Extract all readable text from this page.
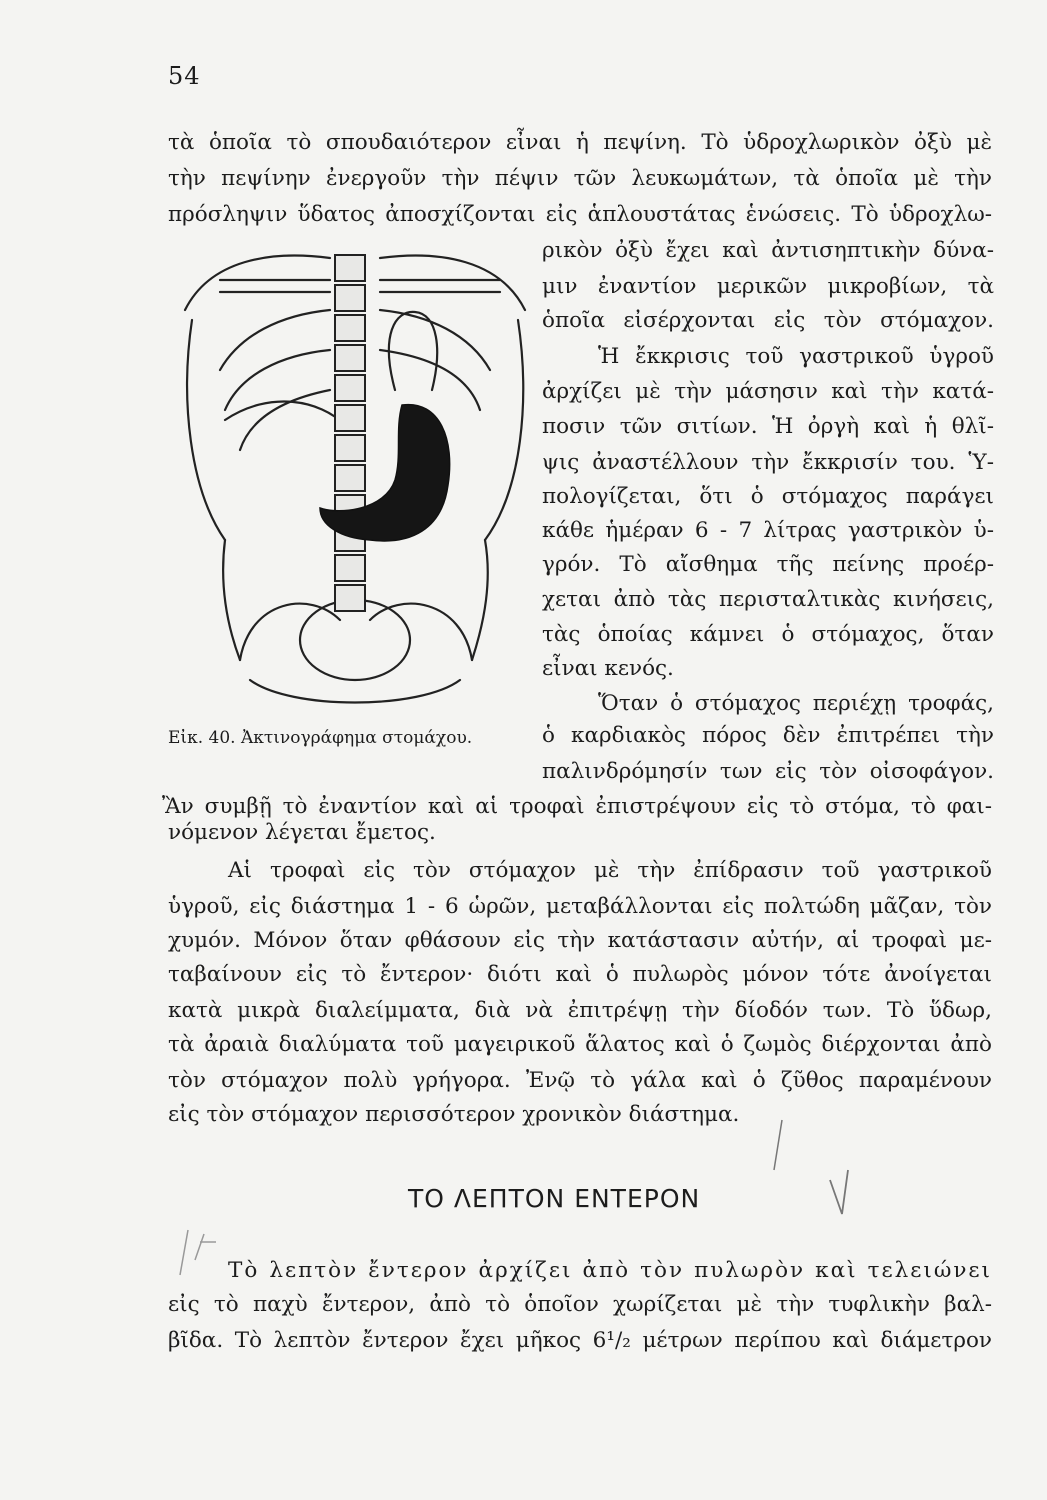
54
τὰ ὁποῖα τὸ σπουδαιότερον εἶναι ἡ πεψίνη. Τὸ ὑδροχλωρικὸν ὀξὺ μὲ
τὴν πεψίνην ἐνεργοῦν τὴν πέψιν τῶν λευκωμάτων, τὰ ὁποῖα μὲ τὴν
πρόσληψιν ὕδατος ἀποσχίζονται εἰς ἁπλουστάτας ἑνώσεις. Τὸ ὑδροχλω-
ρικὸν ὀξὺ ἔχει καὶ ἀντισηπτικὴν δύνα-
μιν ἐναντίον μερικῶν μικροβίων, τὰ
ὁποῖα εἰσέρχονται εἰς τὸν στόμαχον.
Ἡ ἔκκρισις τοῦ γαστρικοῦ ὑγροῦ
ἀρχίζει μὲ τὴν μάσησιν καὶ τὴν κατά-
ποσιν τῶν σιτίων. Ἡ ὀργὴ καὶ ἡ θλῖ-
ψις ἀναστέλλουν τὴν ἔκκρισίν του. Ὑ-
πολογίζεται, ὅτι ὁ στόμαχος παράγει
κάθε ἡμέραν 6 - 7 λίτρας γαστρικὸν ὑ-
γρόν. Τὸ αἴσθημα τῆς πείνης προέρ-
χεται ἀπὸ τὰς περισταλτικὰς κινήσεις,
τὰς ὁποίας κάμνει ὁ στόμαχος, ὅταν
εἶναι κενός.
Ὅταν ὁ στόμαχος περιέχῃ τροφάς,
ὁ καρδιακὸς πόρος δὲν ἐπιτρέπει τὴν
παλινδρόμησίν των εἰς τὸν οἰσοφάγον.
Εἰκ. 40. Ἀκτινογράφημα στομάχου.
Ἂν συμβῇ τὸ ἐναντίον καὶ αἱ τροφαὶ ἐπιστρέψουν εἰς τὸ στόμα, τὸ φαι-
νόμενον λέγεται ἔμετος.
Αἱ τροφαὶ εἰς τὸν στόμαχον μὲ τὴν ἐπίδρασιν τοῦ γαστρικοῦ
ὑγροῦ, εἰς διάστημα 1 - 6 ὡρῶν, μεταβάλλονται εἰς πολτώδη μᾶζαν, τὸν
χυμόν. Μόνον ὅταν φθάσουν εἰς τὴν κατάστασιν αὐτήν, αἱ τροφαὶ με-
ταβαίνουν εἰς τὸ ἔντερον· διότι καὶ ὁ πυλωρὸς μόνον τότε ἀνοίγεται
κατὰ μικρὰ διαλείμματα, διὰ νὰ ἐπιτρέψῃ τὴν δίοδόν των. Τὸ ὕδωρ,
τὰ ἀραιὰ διαλύματα τοῦ μαγειρικοῦ ἅλατος καὶ ὁ ζωμὸς διέρχονται ἀπὸ
τὸν στόμαχον πολὺ γρήγορα. Ἐνῷ τὸ γάλα καὶ ὁ ζῦθος παραμένουν
εἰς τὸν στόμαχον περισσότερον χρονικὸν διάστημα.
ΤΟ ΛΕΠΤΟΝ ΕΝΤΕΡΟΝ
Τὸ λεπτὸν ἔντερον ἀρχίζει ἀπὸ τὸν πυλωρὸν καὶ τελειώνει
εἰς τὸ παχὺ ἔντερον, ἀπὸ τὸ ὁποῖον χωρίζεται μὲ τὴν τυφλικὴν βαλ-
βῖδα. Τὸ λεπτὸν ἔντερον ἔχει μῆκος 6¹/₂ μέτρων περίπου καὶ διάμετρον
